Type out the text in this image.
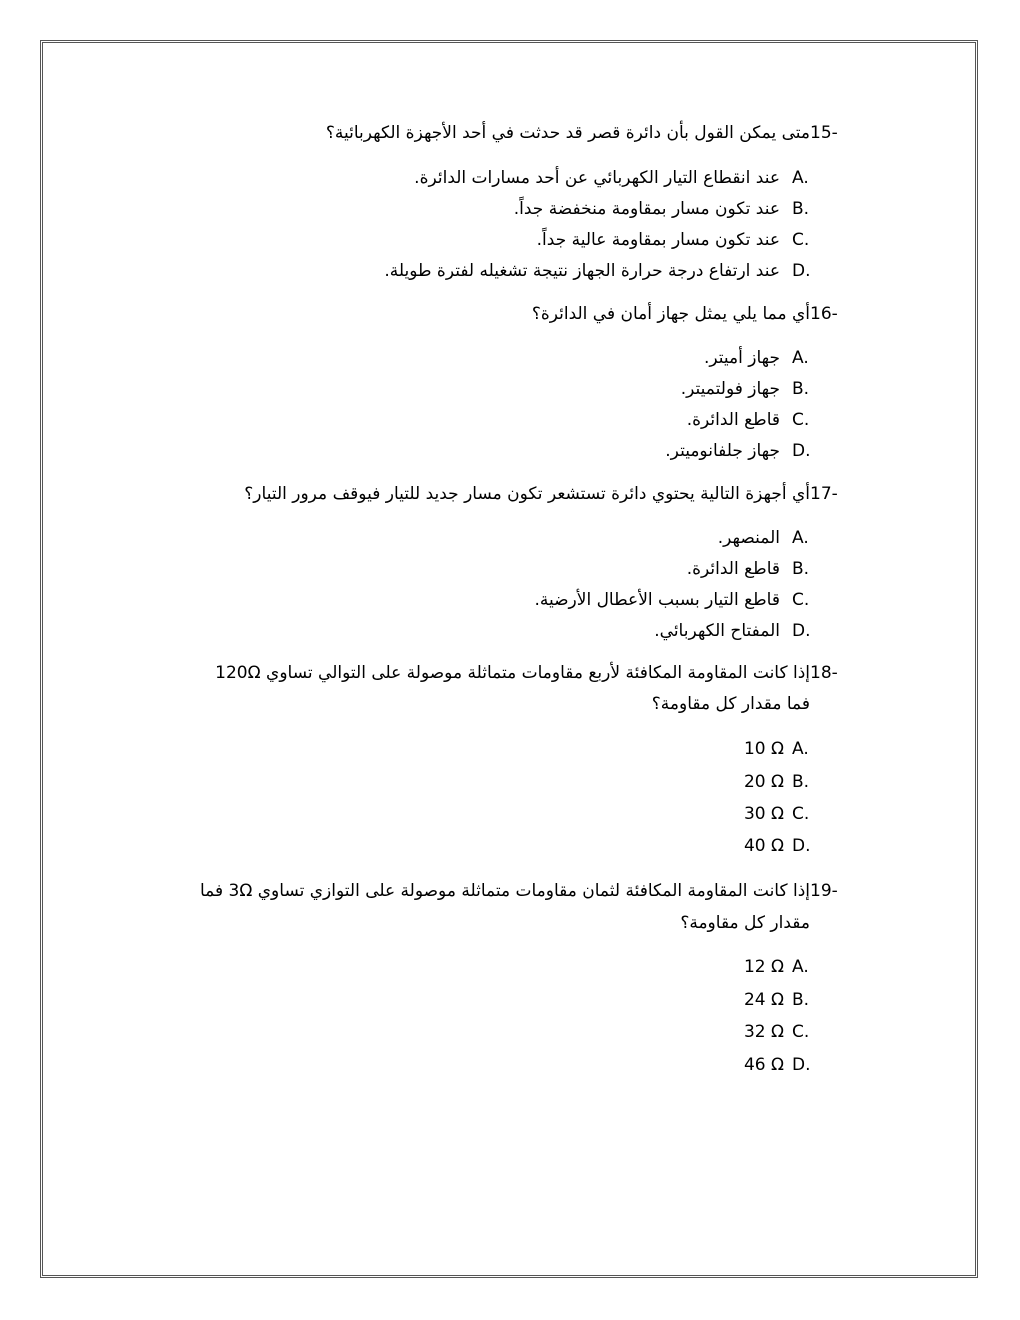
15-
متى يمكن القول بأن دائرة قصر قد حدثت في أحد الأجهزة الكهربائية؟
A.
عند انقطاع التيار الكهربائي عن أحد مسارات الدائرة.
B.
عند تكون مسار بمقاومة منخفضة جداً.
C.
عند تكون مسار بمقاومة عالية جداً.
D.
عند ارتفاع درجة حرارة الجهاز نتيجة تشغيله لفترة طويلة.
16-
أي مما يلي يمثل جهاز أمان في الدائرة؟
A.
جهاز أميتر.
B.
جهاز فولتميتر.
C.
قاطع الدائرة.
D.
جهاز جلفانوميتر.
17-
أي أجهزة التالية يحتوي دائرة تستشعر تكون مسار جديد للتيار فيوقف مرور التيار؟
A.
المنصهر.
B.
قاطع الدائرة.
C.
قاطع التيار بسبب الأعطال الأرضية.
D.
المفتاح الكهربائي.
18-
إذا كانت المقاومة المكافئة لأربع مقاومات متماثلة موصولة على التوالي تساوي 120Ω
فما مقدار كل مقاومة؟
A.
10 Ω
B.
20 Ω
C.
30 Ω
D.
40 Ω
19-
إذا كانت المقاومة المكافئة لثمان مقاومات متماثلة موصولة على التوازي تساوي 3Ω فما
مقدار كل مقاومة؟
A.
12 Ω
B.
24 Ω
C.
32 Ω
D.
46 Ω
